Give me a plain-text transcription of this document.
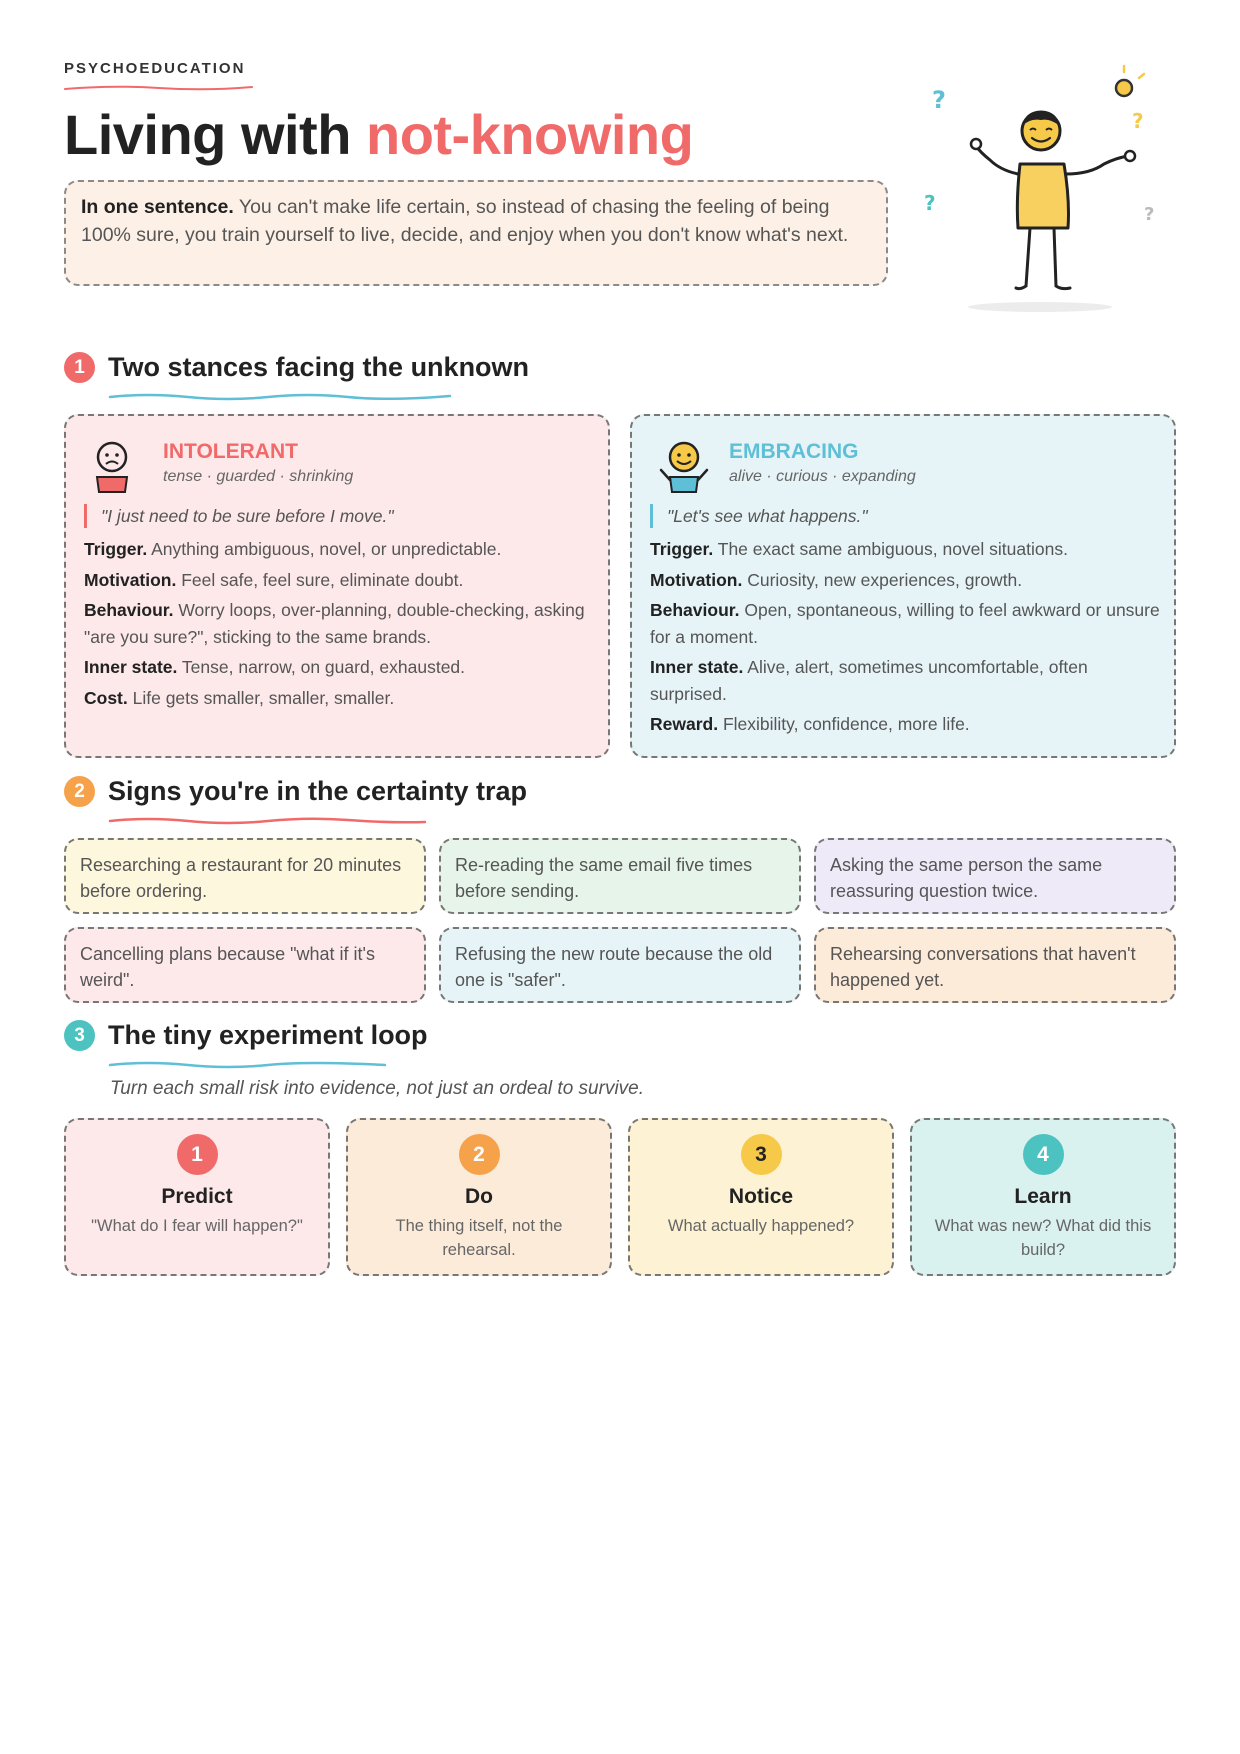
PSYCHOEDUCATION
Living with not-knowing
In one sentence. You can't make life certain, so instead of chasing the feeling of being 100% sure, you train yourself to live, decide, and enjoy when you don't know what's next.
?
?
?
?
1 Two stances facing the unknown
INTOLERANT
tense · guarded · shrinking
"I just need to be sure before I move."

Trigger. Anything ambiguous, novel, or unpredictable.

Motivation. Feel safe, feel sure, eliminate doubt.

Behaviour. Worry loops, over-planning, double-checking, asking "are you sure?", sticking to the same brands.

Inner state. Tense, narrow, on guard, exhausted.

Cost. Life gets smaller, smaller, smaller.

EMBRACING
alive · curious · expanding
"Let's see what happens."

Trigger. The exact same ambiguous, novel situations.

Motivation. Curiosity, new experiences, growth.

Behaviour. Open, spontaneous, willing to feel awkward or unsure for a moment.

Inner state. Alive, alert, sometimes uncomfortable, often surprised.

Reward. Flexibility, confidence, more life.

2 Signs you're in the certainty trap
Researching a restaurant for 20 minutes before ordering.
Re-reading the same email five times before sending.
Asking the same person the same reassuring question twice.
Cancelling plans because "what if it's weird".
Refusing the new route because the old one is "safer".
Rehearsing conversations that haven't happened yet.
3 The tiny experiment loop
Turn each small risk into evidence, not just an ordeal to survive.
1
Predict
"What do I fear will happen?"
2
Do
The thing itself, not the rehearsal.
3
Notice
What actually happened?
4
Learn
What was new? What did this build?
